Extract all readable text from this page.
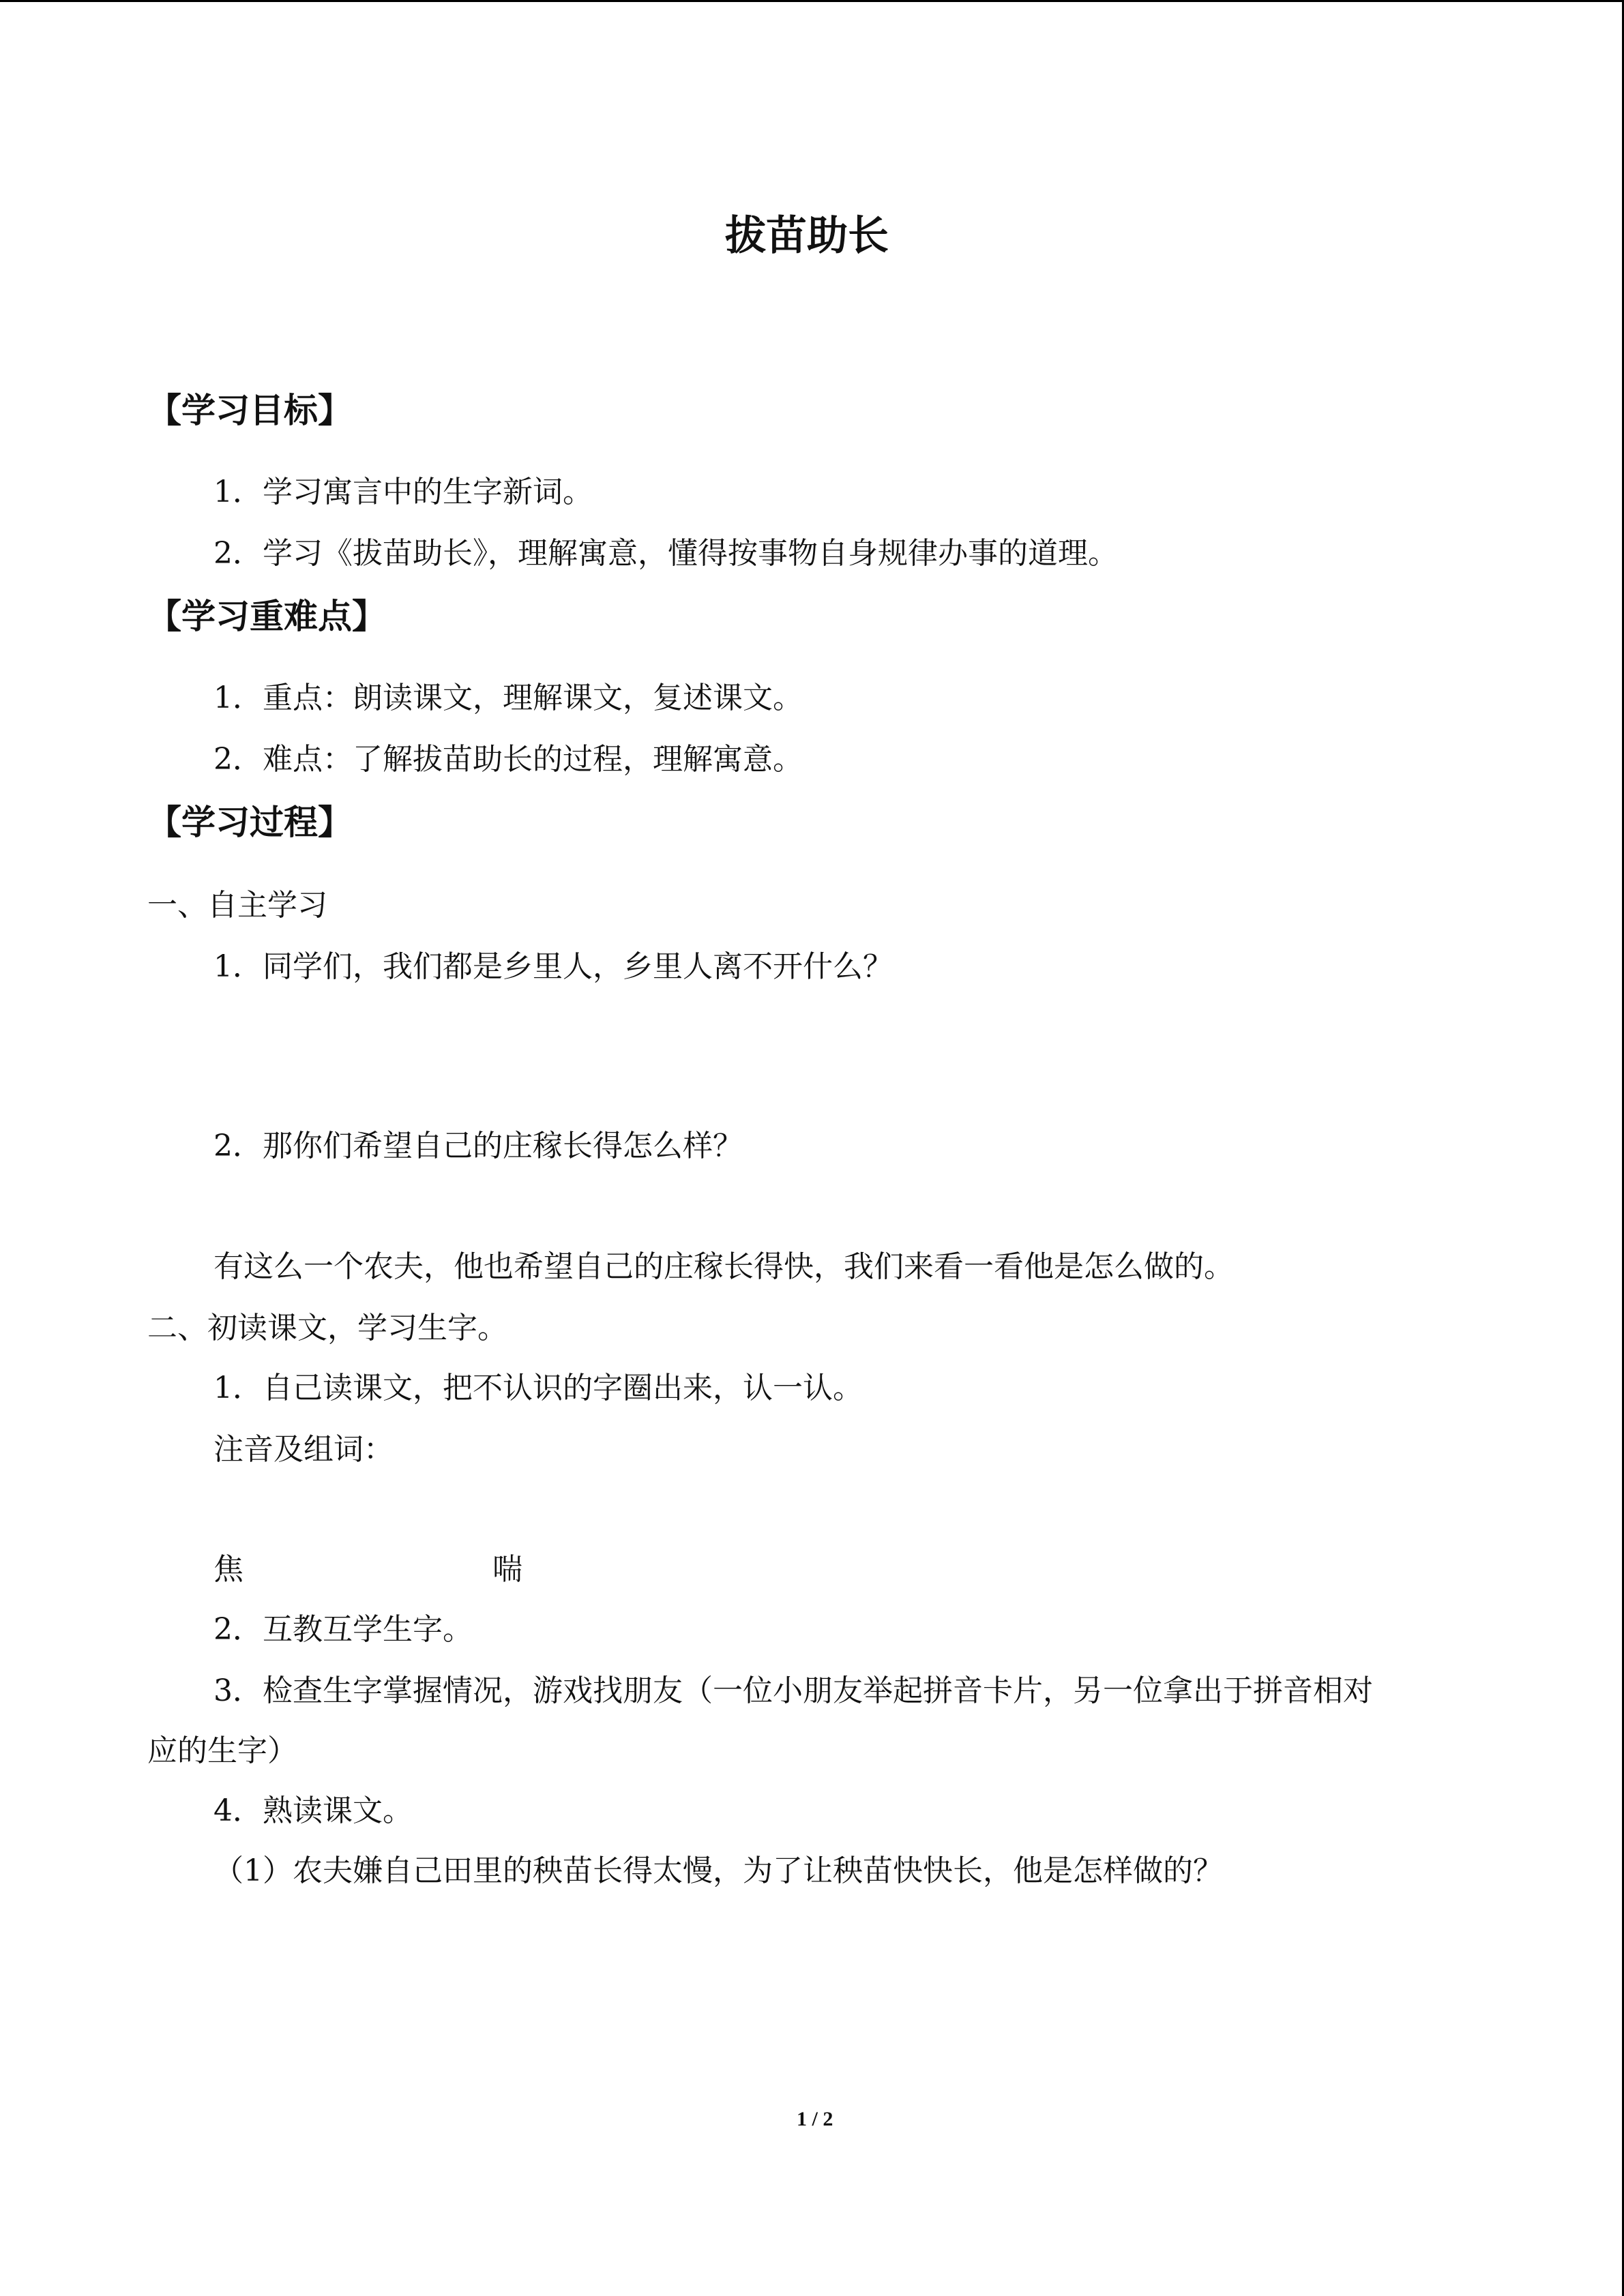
拔苗助长
【学习目标】
1．学习寓言中的生字新词。
2．学习《拔苗助长》，理解寓意，懂得按事物自身规律办事的道理。
【学习重难点】
1．重点：朗读课文，理解课文，复述课文。
2．难点：了解拔苗助长的过程，理解寓意。
【学习过程】
一、自主学习
1．同学们，我们都是乡里人，乡里人离不开什么？
2．那你们希望自己的庄稼长得怎么样？
有这么一个农夫，他也希望自己的庄稼长得快，我们来看一看他是怎么做的。
二、初读课文，学习生字。
1．自己读课文，把不认识的字圈出来，认一认。
注音及组词：
焦	喘
2．互教互学生字。
3．检查生字掌握情况，游戏找朋友（一位小朋友举起拼音卡片，另一位拿出于拼音相对
应的生字）
4．熟读课文。
（1）农夫嫌自己田里的秧苗长得太慢，为了让秧苗快快长，他是怎样做的？
1 / 2
